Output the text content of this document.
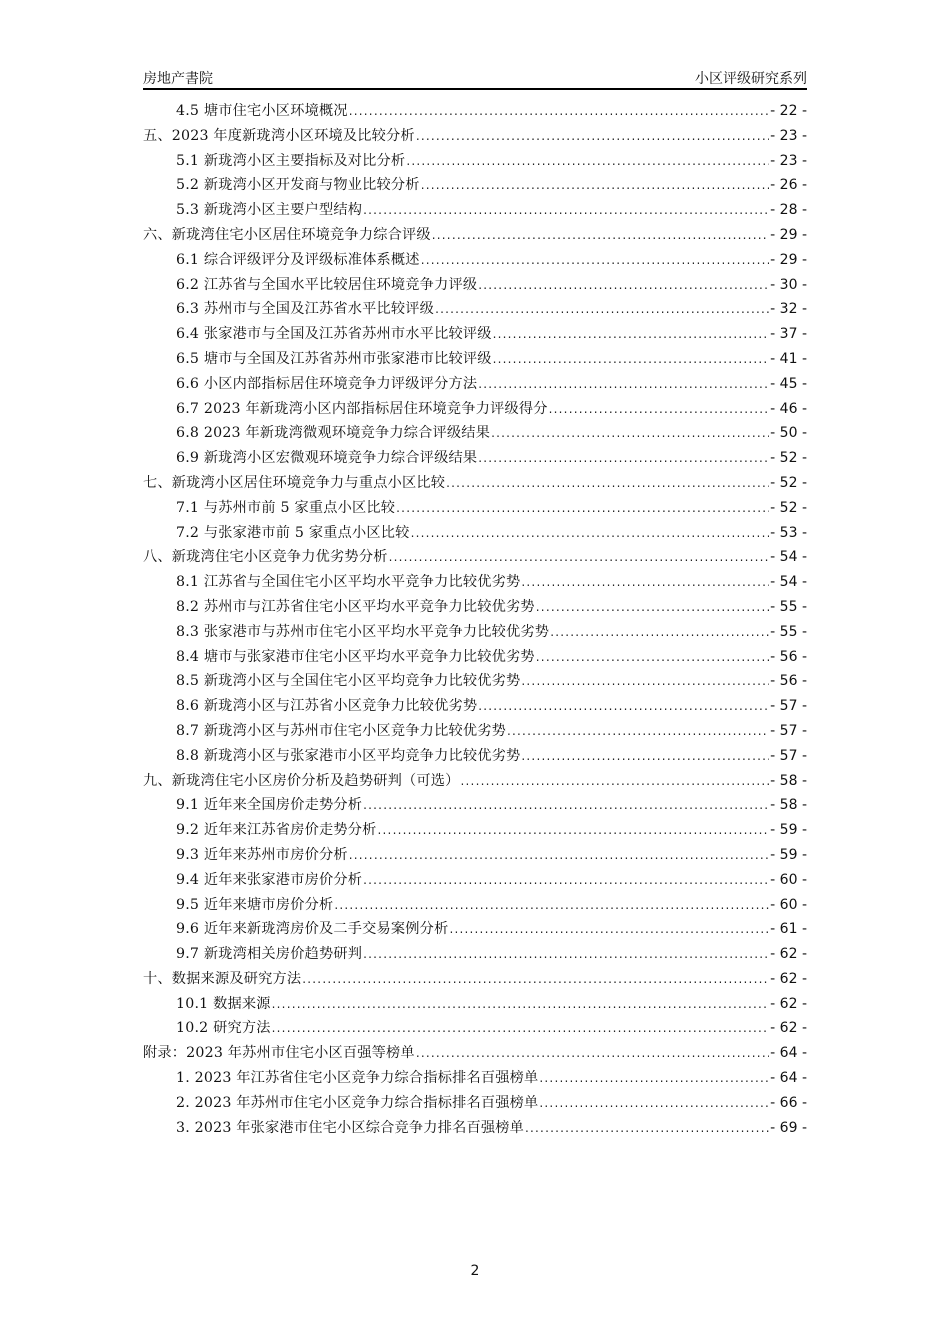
房地产書院	小区评级研究系列
4.5 塘市住宅小区环境概况 .....	- 22 -
五、2023 年度新珑湾小区环境及比较分析 .....	- 23 -
5.1 新珑湾小区主要指标及对比分析 .....	- 23 -
5.2 新珑湾小区开发商与物业比较分析 .....	- 26 -
5.3 新珑湾小区主要户型结构 .....	- 28 -
六、新珑湾住宅小区居住环境竞争力综合评级 .....	- 29 -
6.1 综合评级评分及评级标准体系概述 .....	- 29 -
6.2 江苏省与全国水平比较居住环境竞争力评级 .....	- 30 -
6.3 苏州市与全国及江苏省水平比较评级 .....	- 32 -
6.4 张家港市与全国及江苏省苏州市水平比较评级 .....	- 37 -
6.5 塘市与全国及江苏省苏州市张家港市比较评级 .....	- 41 -
6.6 小区内部指标居住环境竞争力评级评分方法 .....	- 45 -
6.7 2023 年新珑湾小区内部指标居住环境竞争力评级得分 .....	- 46 -
6.8 2023 年新珑湾微观环境竞争力综合评级结果 .....	- 50 -
6.9 新珑湾小区宏微观环境竞争力综合评级结果 .....	- 52 -
七、新珑湾小区居住环境竞争力与重点小区比较 .....	- 52 -
7.1 与苏州市前 5 家重点小区比较 .....	- 52 -
7.2 与张家港市前 5 家重点小区比较 .....	- 53 -
八、新珑湾住宅小区竞争力优劣势分析 .....	- 54 -
8.1 江苏省与全国住宅小区平均水平竞争力比较优劣势 .....	- 54 -
8.2 苏州市与江苏省住宅小区平均水平竞争力比较优劣势 .....	- 55 -
8.3 张家港市与苏州市住宅小区平均水平竞争力比较优劣势 .....	- 55 -
8.4 塘市与张家港市住宅小区平均水平竞争力比较优劣势 .....	- 56 -
8.5 新珑湾小区与全国住宅小区平均竞争力比较优劣势 .....	- 56 -
8.6 新珑湾小区与江苏省小区竞争力比较优劣势 .....	- 57 -
8.7 新珑湾小区与苏州市住宅小区竞争力比较优劣势 .....	- 57 -
8.8 新珑湾小区与张家港市小区平均竞争力比较优劣势 .....	- 57 -
九、新珑湾住宅小区房价分析及趋势研判（可选） .....	- 58 -
9.1 近年来全国房价走势分析 .....	- 58 -
9.2 近年来江苏省房价走势分析 .....	- 59 -
9.3 近年来苏州市房价分析 .....	- 59 -
9.4 近年来张家港市房价分析 .....	- 60 -
9.5 近年来塘市房价分析 .....	- 60 -
9.6 近年来新珑湾房价及二手交易案例分析 .....	- 61 -
9.7 新珑湾相关房价趋势研判 .....	- 62 -
十、数据来源及研究方法 .....	- 62 -
10.1 数据来源 .....	- 62 -
10.2 研究方法 .....	- 62 -
附录：2023 年苏州市住宅小区百强等榜单 .....	- 64 -
1. 2023 年江苏省住宅小区竞争力综合指标排名百强榜单 .....	- 64 -
2. 2023 年苏州市住宅小区竞争力综合指标排名百强榜单 .....	- 66 -
3. 2023 年张家港市住宅小区综合竞争力排名百强榜单 .....	- 69 -
2
